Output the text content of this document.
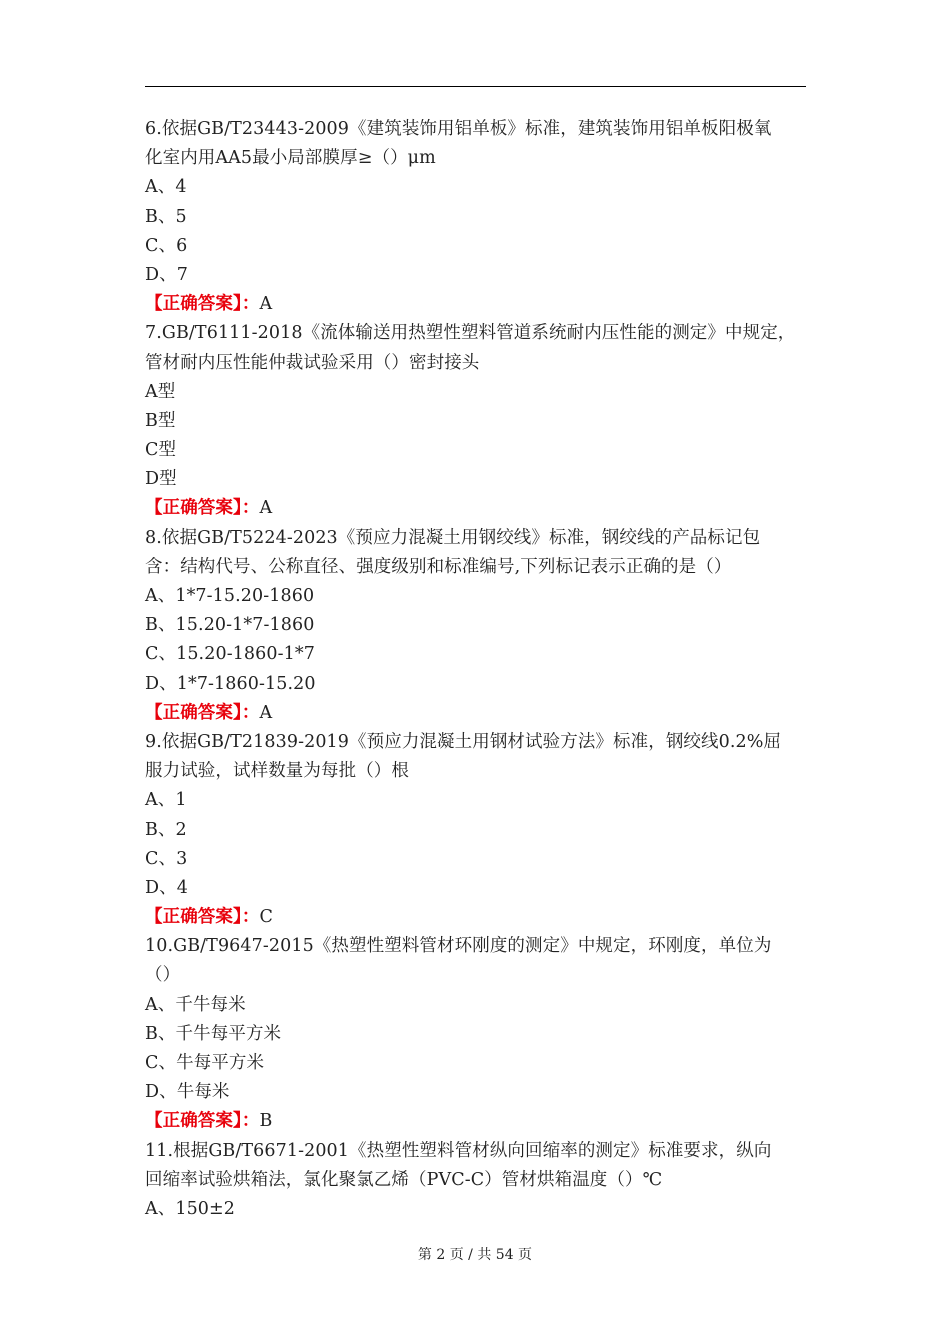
6.依据GB/T23443-2009《建筑装饰用铝单板》标准，建筑装饰用铝单板阳极氧
化室内用AA5最小局部膜厚≥（）μm
A、4
B、5
C、6
D、7
【正确答案】：A
7.GB/T6111-2018《流体输送用热塑性塑料管道系统耐内压性能的测定》中规定，
管材耐内压性能仲裁试验采用（）密封接头
A型
B型
C型
D型
【正确答案】：A
8.依据GB/T5224-2023《预应力混凝土用钢绞线》标准，钢绞线的产品标记包
含：结构代号、公称直径、强度级别和标准编号,下列标记表示正确的是（）
A、1*7-15.20-1860
B、15.20-1*7-1860
C、15.20-1860-1*7
D、1*7-1860-15.20
【正确答案】：A
9.依据GB/T21839-2019《预应力混凝土用钢材试验方法》标准，钢绞线0.2%屈
服力试验，试样数量为每批（）根
A、1
B、2
C、3
D、4
【正确答案】：C
10.GB/T9647-2015《热塑性塑料管材环刚度的测定》中规定，环刚度，单位为
（）
A、千牛每米
B、千牛每平方米
C、牛每平方米
D、牛每米
【正确答案】：B
11.根据GB/T6671-2001《热塑性塑料管材纵向回缩率的测定》标准要求，纵向
回缩率试验烘箱法，氯化聚氯乙烯（PVC-C）管材烘箱温度（）℃
A、150±2
第 2 页 / 共 54 页
